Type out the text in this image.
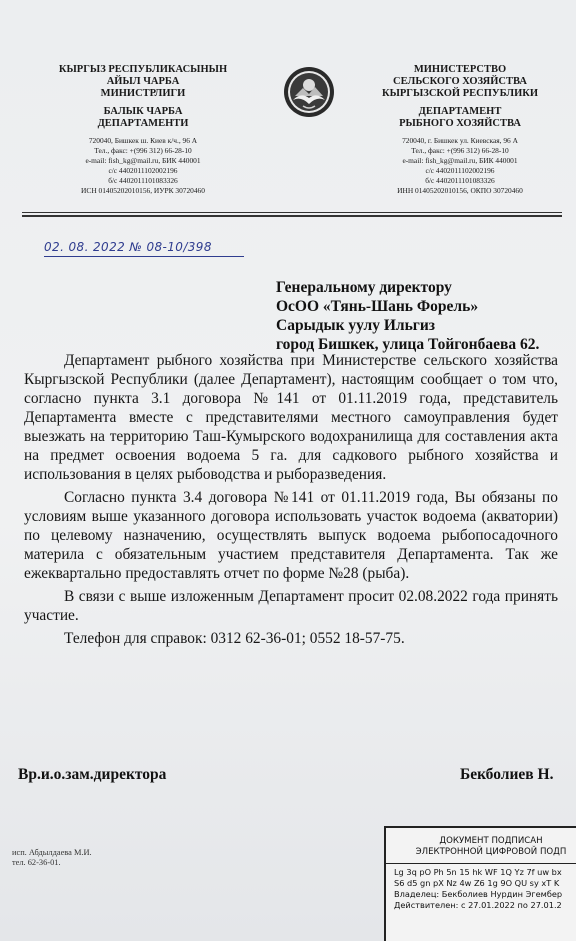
КЫРГЫЗ РЕСПУБЛИКАСЫНЫН
АЙЫЛ ЧАРБА
МИНИСТРЛИГИ
БАЛЫК ЧАРБА
ДЕПАРТАМЕНТИ
720040, Бишкек ш. Киев к/ч., 96 А
Тел., факс: +(996 312) 66-28-10
e-mail: fish_kg@mail.ru, БИК 440001
с/с 4402011102002196
б/с 4402011101083326
ИСН 01405202010156, ИУРК 30720460
МИНИСТЕРСТВО
СЕЛЬСКОГО ХОЗЯЙСТВА
КЫРГЫЗСКОЙ РЕСПУБЛИКИ
ДЕПАРТАМЕНТ
РЫБНОГО ХОЗЯЙСТВА
720040, г. Бишкек ул. Киевская, 96 А
Тел., факс: +(996 312) 66-28-10
e-mail: fish_kg@mail.ru, БИК 440001
с/с 4402011102002196
б/с 4402011101083326
ИНН 01405202010156, ОКПО 30720460
02. 08. 2022 № 08-10/398
Генеральному директору
ОсОО «Тянь-Шань Форель»
Сарыдык уулу Ильгиз
город Бишкек, улица Тойгонбаева 62.

Департамент рыбного хозяйства при Министерстве сельского хозяйства Кыргызской Республики (далее Департамент), настоящим сообщает о том что, согласно пункта 3.1 договора №141 от 01.11.2019 года, представитель Департамента вместе с представителями местного самоуправления будет выезжать на территорию Таш-Кумырского водохранилища для составления акта на предмет освоения водоема 5 га. для садкового рыбного хозяйства и использования в целях рыбоводства и рыборазведения.

Согласно пункта 3.4 договора №141 от 01.11.2019 года, Вы обязаны по условиям выше указанного договора использовать участок водоема (акватории) по целевому назначению, осуществлять выпуск водоема рыбопосадочного материла с обязательным участием представителя Департамента. Так же ежеквартально предоставлять отчет по форме №28 (рыба).

В связи с выше изложенным Департамент просит 02.08.2022 года принять участие.

Телефон для справок: 0312 62-36-01; 0552 18-57-75.

Вр.и.о.зам.директора	Бекболиев Н.
исп. Абдылдаева М.И.
тел. 62-36-01.
ДОКУМЕНТ ПОДПИСАН
ЭЛЕКТРОННОЙ ЦИФРОВОЙ ПОДП
Lg 3q pO Ph 5n 15 hk WF 1Q Yz 7f uw bx
S6 d5 gn pX Nz 4w Z6 1g 9O QU sy xT K
Владелец: Бекболиев Нурдин Эгембер
Действителен: с 27.01.2022 по 27.01.2
